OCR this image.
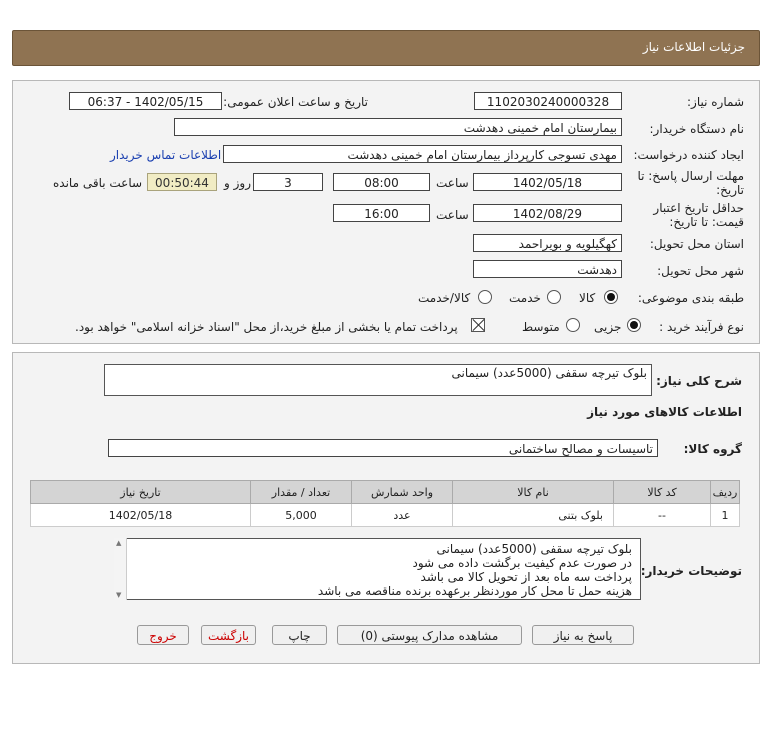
جزئیات اطلاعات نیاز
شماره نیاز:
1102030240000328
تاریخ و ساعت اعلان عمومی:
1402/05/15 - 06:37
نام دستگاه خریدار:
بیمارستان امام خمینی دهدشت
ایجاد کننده درخواست:
مهدی تسوجی کارپرداز بیمارستان امام خمینی دهدشت
اطلاعات تماس خریدار
مهلت ارسال پاسخ: تا
تاریخ:
1402/05/18
ساعت
08:00
3
روز و
00:50:44
ساعت باقی مانده
حداقل تاریخ اعتبار
قیمت: تا تاریخ:
1402/08/29
ساعت
16:00
استان محل تحویل:
کهگیلویه و بویراحمد
شهر محل تحویل:
دهدشت
طبقه بندی موضوعی:
کالا
خدمت
کالا/خدمت
نوع فرآیند خرید :
جزیی
متوسط
پرداخت تمام یا بخشی از مبلغ خرید،از محل "اسناد خزانه اسلامی" خواهد بود.
شرح کلی نیاز:
بلوک تیرچه سقفی (5000عدد) سیمانی
اطلاعات کالاهای مورد نیاز
گروه کالا:
تاسیسات و مصالح ساختمانی
ردیف	کد کالا	نام کالا	واحد شمارش	تعداد / مقدار	تاریخ نیاز
1	--	بلوک بتنی	عدد	5,000	1402/05/18
توضیحات خریدار:
بلوک تیرچه سقفی (5000عدد) سیمانی
در صورت عدم کیفیت برگشت داده می شود
پرداخت سه ماه بعد از تحویل کالا می باشد
هزینه حمل تا محل کار موردنظر برعهده برنده مناقصه می باشد
▲ ▼
پاسخ به نیاز
مشاهده مدارک پیوستی (0)
چاپ
بازگشت
خروج
